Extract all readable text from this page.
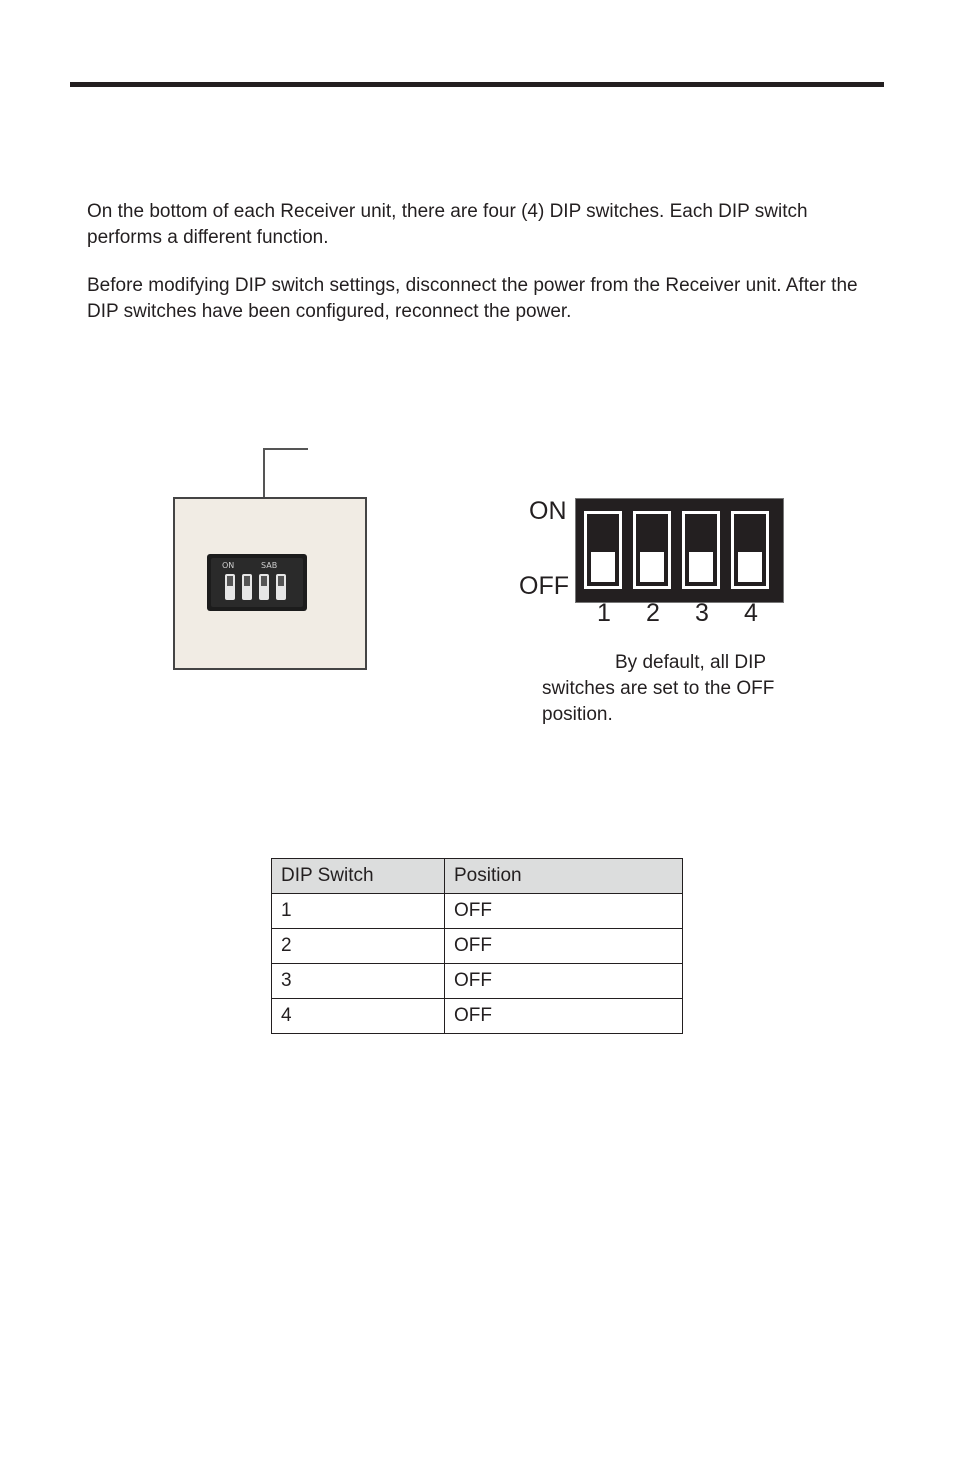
On the bottom of each Receiver unit, there are four (4) DIP switches. Each DIP switch performs a different function.

Before modifying DIP switch settings, disconnect the power from the Receiver unit. After the DIP switches have been configured, reconnect the power.

ON	SAB
ON
OFF
1	2	3	4

By default, all DIP switches are set to the OFF position.

DIP Switch	Position
1	OFF
2	OFF
3	OFF
4	OFF
